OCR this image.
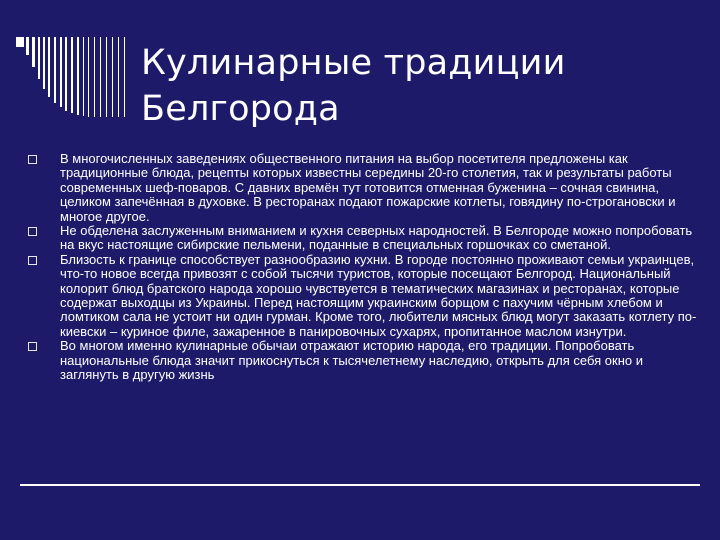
Кулинарные традиции
Белгорода
В многочисленных заведениях общественного питания на выбор посетителя предложены как традиционные блюда, рецепты которых известны середины 20-го столетия, так и результаты работы современных шеф-поваров. С давних времён тут готовится отменная буженина – сочная свинина, целиком запечённая в духовке. В ресторанах подают пожарские котлеты, говядину по-строгановски и многое другое.
Не обделена заслуженным вниманием и кухня северных народностей. В Белгороде можно попробовать на вкус настоящие сибирские пельмени, поданные в специальных горшочках со сметаной.
Близость к границе способствует разнообразию кухни. В городе постоянно проживают семьи украинцев, что-то новое всегда привозят с собой тысячи туристов, которые посещают Белгород. Национальный колорит блюд братского народа хорошо чувствуется в тематических магазинах и ресторанах, которые содержат выходцы из Украины. Перед настоящим украинским борщом с пахучим чёрным хлебом и ломтиком сала не устоит ни один гурман. Кроме того, любители мясных блюд могут заказать котлету по-киевски – куриное филе, зажаренное в панировочных сухарях, пропитанное маслом изнутри.
Во многом именно кулинарные обычаи отражают историю народа, его традиции. Попробовать национальные блюда значит прикоснуться к тысячелетнему наследию, открыть для себя окно и заглянуть в другую жизнь
